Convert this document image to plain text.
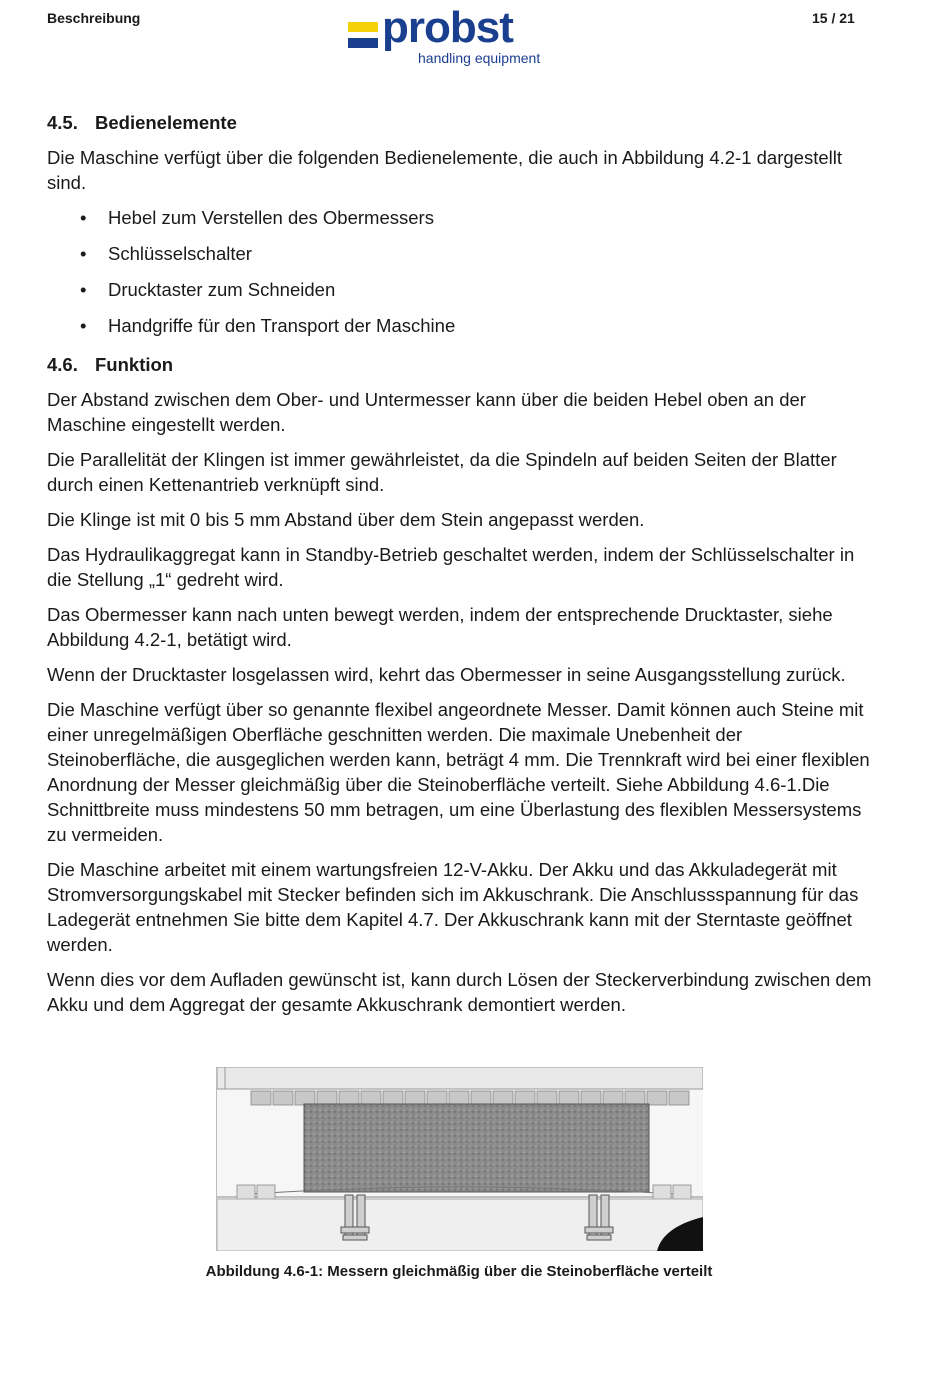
Beschreibung	probst
handling equipment
15 / 21
4.5. Bedienelemente

Die Maschine verfügt über die folgenden Bedienelemente, die auch in Abbildung 4.2-1 dargestellt sind.

• Hebel zum Verstellen des Obermessers
• Schlüsselschalter
• Drucktaster zum Schneiden
• Handgriffe für den Transport der Maschine
4.6. Funktion

Der Abstand zwischen dem Ober- und Untermesser kann über die beiden Hebel oben an der Maschine eingestellt werden.

Die Parallelität der Klingen ist immer gewährleistet, da die Spindeln auf beiden Seiten der Blatter durch einen Kettenantrieb verknüpft sind.

Die Klinge ist mit 0 bis 5 mm Abstand über dem Stein angepasst werden.

Das Hydraulikaggregat kann in Standby-Betrieb geschaltet werden, indem der Schlüsselschalter in die Stellung „1“ gedreht wird.

Das Obermesser kann nach unten bewegt werden, indem der entsprechende Drucktaster, siehe Abbildung 4.2-1, betätigt wird.

Wenn der Drucktaster losgelassen wird, kehrt das Obermesser in seine Ausgangsstellung zurück.

Die Maschine verfügt über so genannte flexibel angeordnete Messer. Damit können auch Steine mit einer unregelmäßigen Oberfläche geschnitten werden. Die maximale Unebenheit der Steinoberfläche, die ausgeglichen werden kann, beträgt 4 mm. Die Trennkraft wird bei einer flexiblen Anordnung der Messer gleichmäßig über die Steinoberfläche verteilt. Siehe Abbildung 4.6-1.Die Schnittbreite muss mindestens 50 mm betragen, um eine Überlastung des flexiblen Messersystems zu vermeiden.

Die Maschine arbeitet mit einem wartungsfreien 12-V-Akku. Der Akku und das Akkuladegerät mit Stromversorgungskabel mit Stecker befinden sich im Akkuschrank. Die Anschlussspannung für das Ladegerät entnehmen Sie bitte dem Kapitel 4.7. Der Akkuschrank kann mit der Sterntaste geöffnet werden.

Wenn dies vor dem Aufladen gewünscht ist, kann durch Lösen der Steckerverbindung zwischen dem Akku und dem Aggregat der gesamte Akkuschrank demontiert werden.

Abbildung 4.6-1: Messern gleichmäßig über die Steinoberfläche verteilt
